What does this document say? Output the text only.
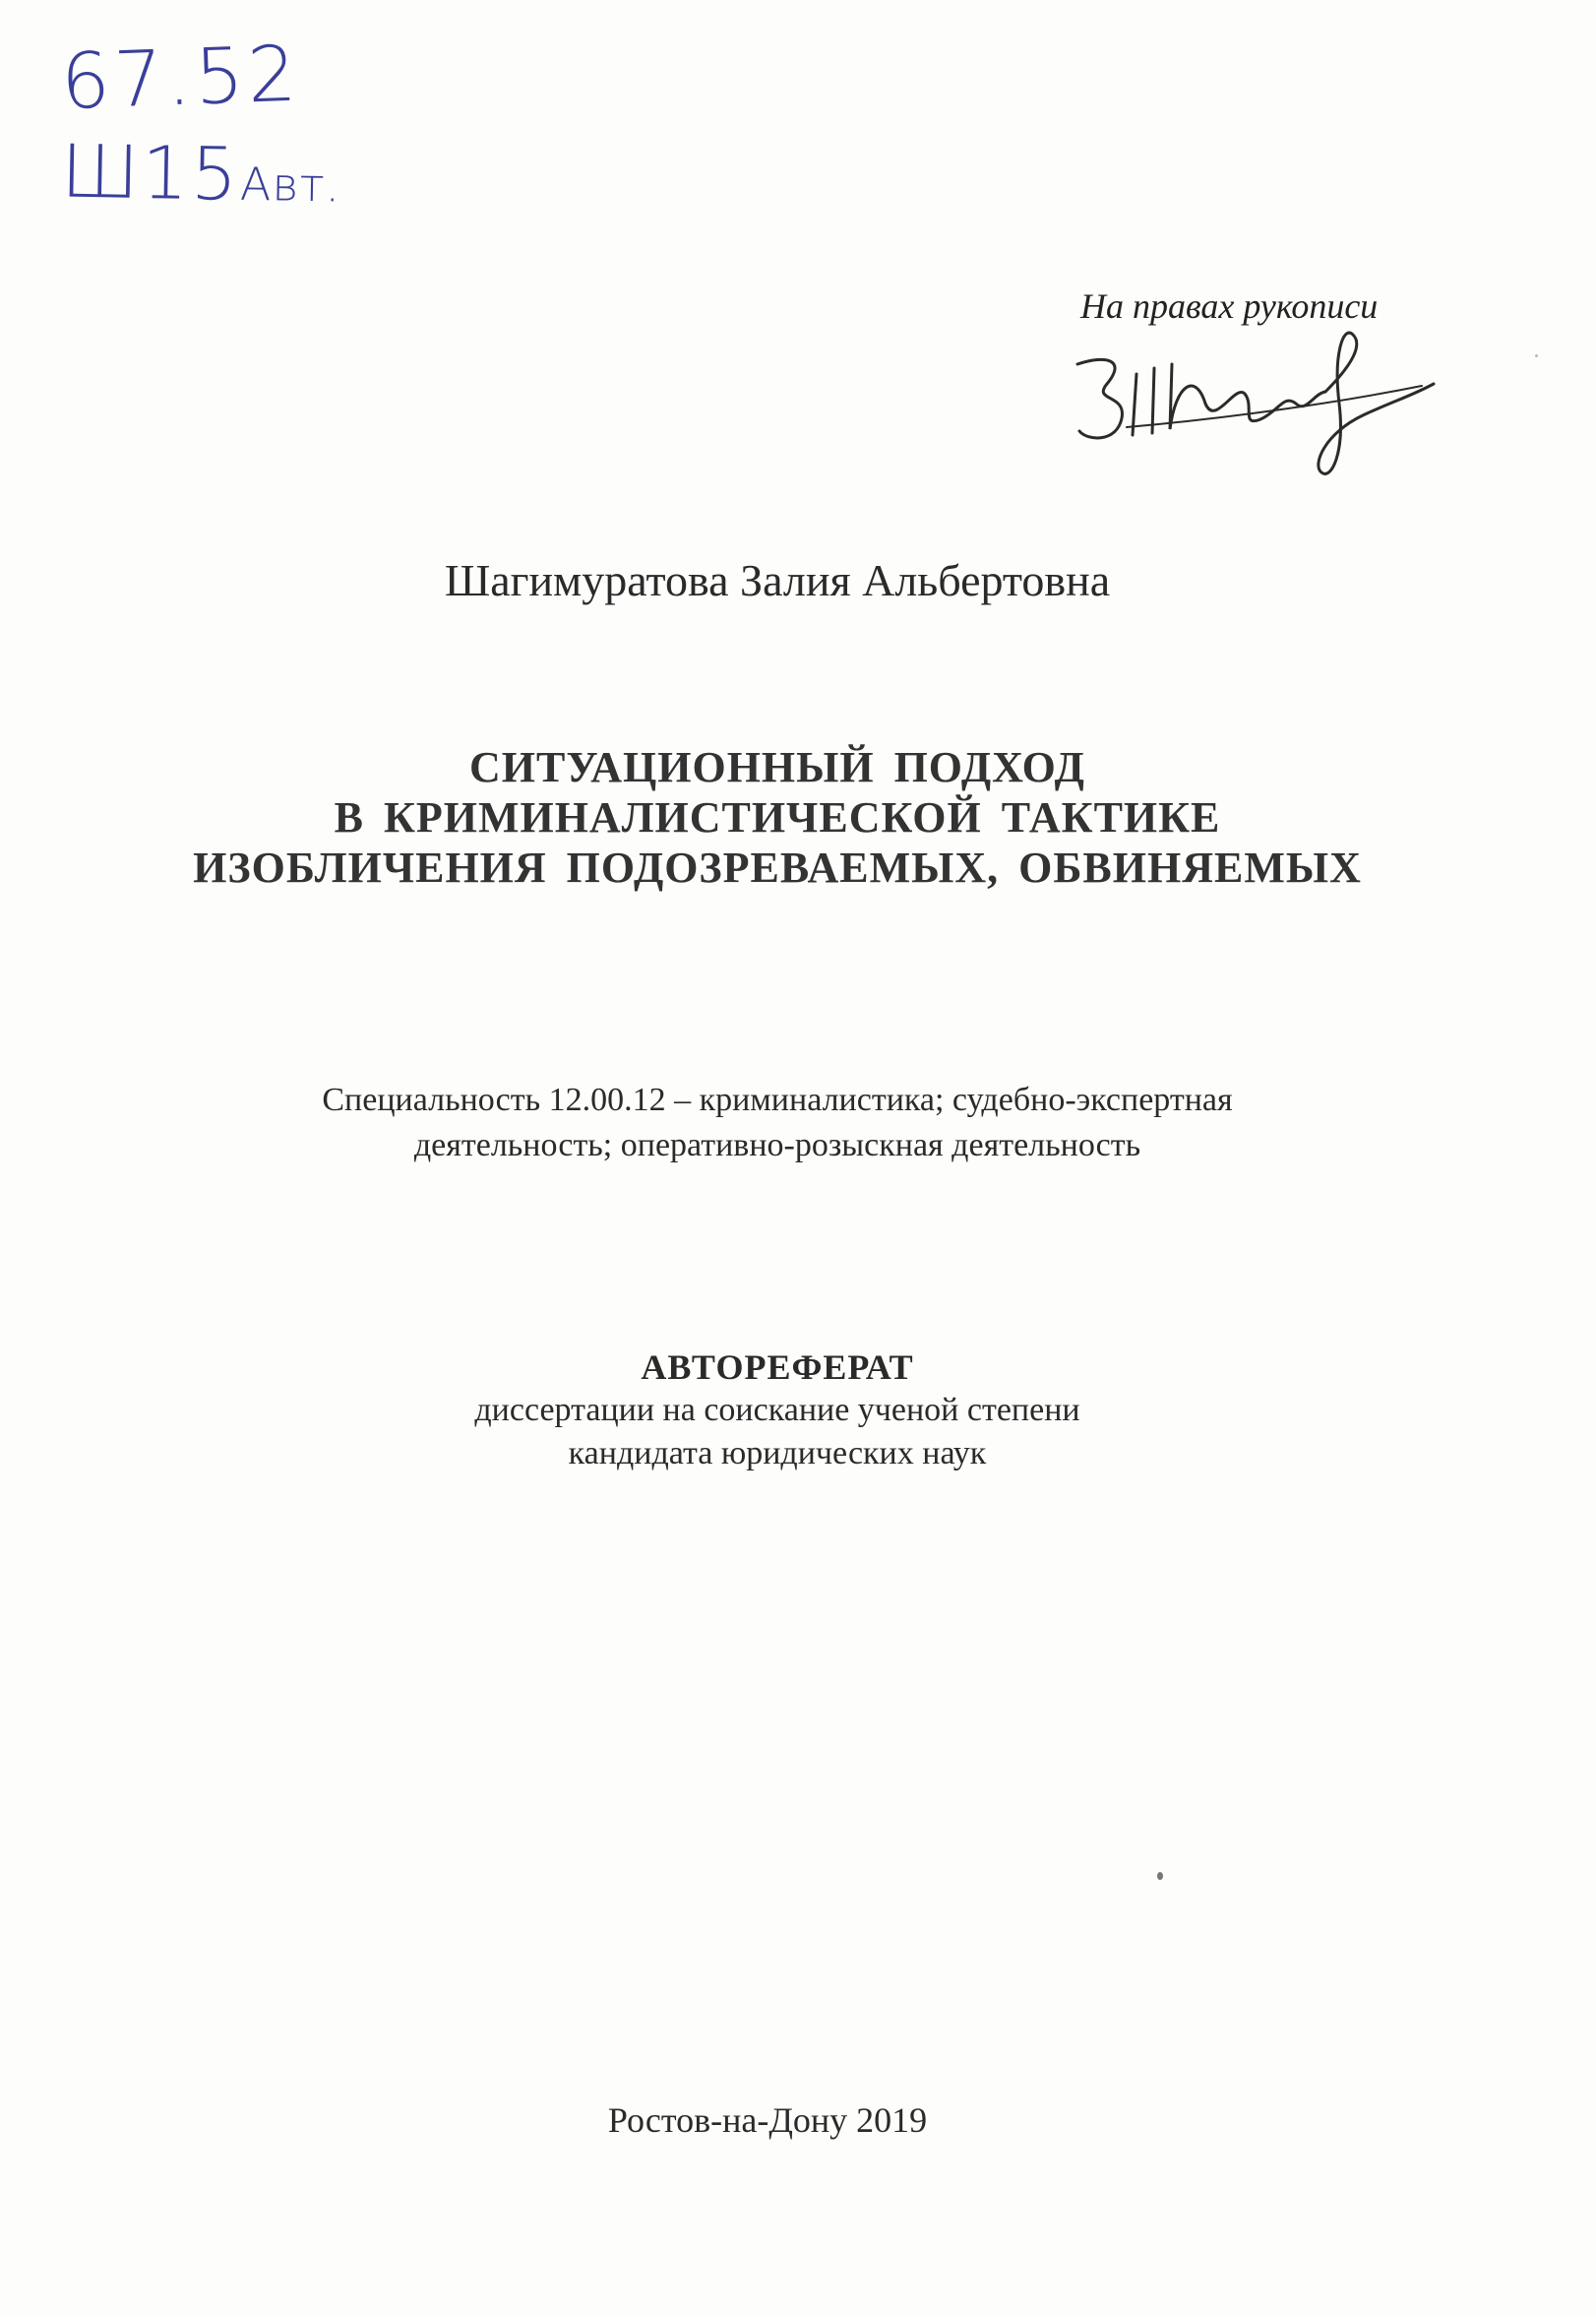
67.52
Ш15Авт.
На правах рукописи
Шагимуратова Залия Альбертовна
СИТУАЦИОННЫЙ ПОДХОД
В КРИМИНАЛИСТИЧЕСКОЙ ТАКТИКЕ
ИЗОБЛИЧЕНИЯ ПОДОЗРЕВАЕМЫХ, ОБВИНЯЕМЫХ
Специальность 12.00.12 – криминалистика; судебно-экспертная
деятельность; оперативно-розыскная деятельность
АВТОРЕФЕРАТ
диссертации на соискание ученой степени
кандидата юридических наук
Ростов-на-Дону 2019
